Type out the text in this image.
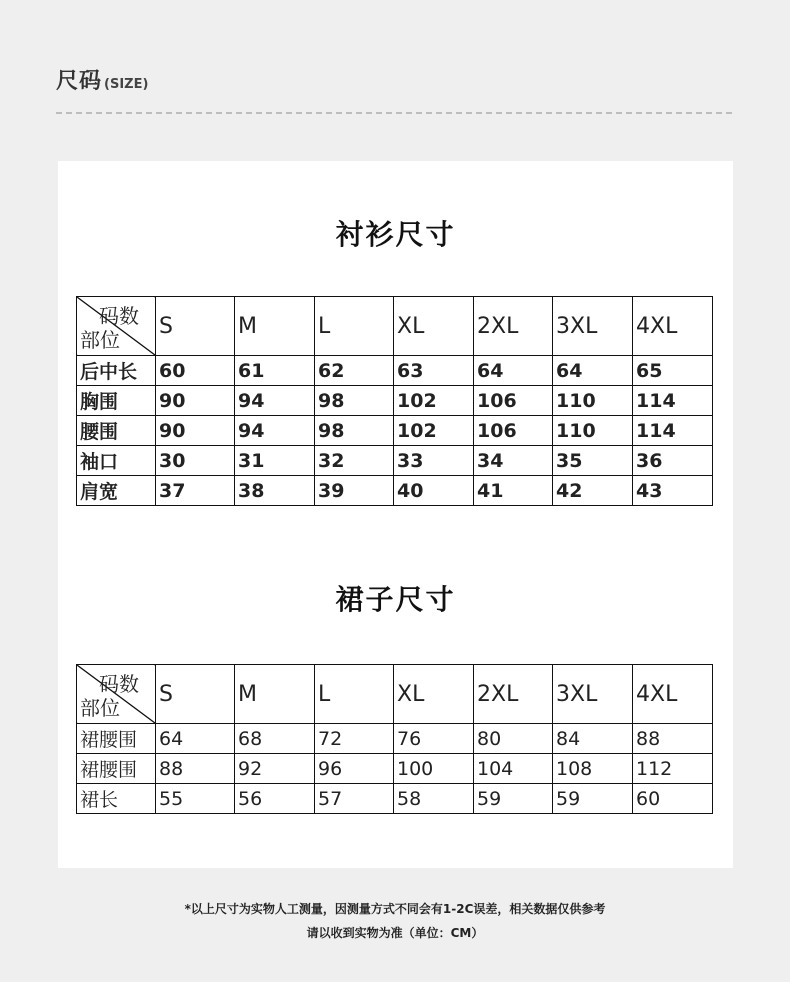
尺码 (SIZE)
衬衫尺寸
码数
部位	S	M	L	XL	2XL	3XL	4XL
后中长	60	61	62	63	64	64	65
胸围	90	94	98	102	106	110	114
腰围	90	94	98	102	106	110	114
袖口	30	31	32	33	34	35	36
肩宽	37	38	39	40	41	42	43
裙子尺寸
码数
部位	S	M	L	XL	2XL	3XL	4XL
裙腰围	64	68	72	76	80	84	88
裙腰围	88	92	96	100	104	108	112
裙长	55	56	57	58	59	59	60
*以上尺寸为实物人工测量，因测量方式不同会有1-2C误差，相关数据仅供参考
请以收到实物为准（单位：CM）
